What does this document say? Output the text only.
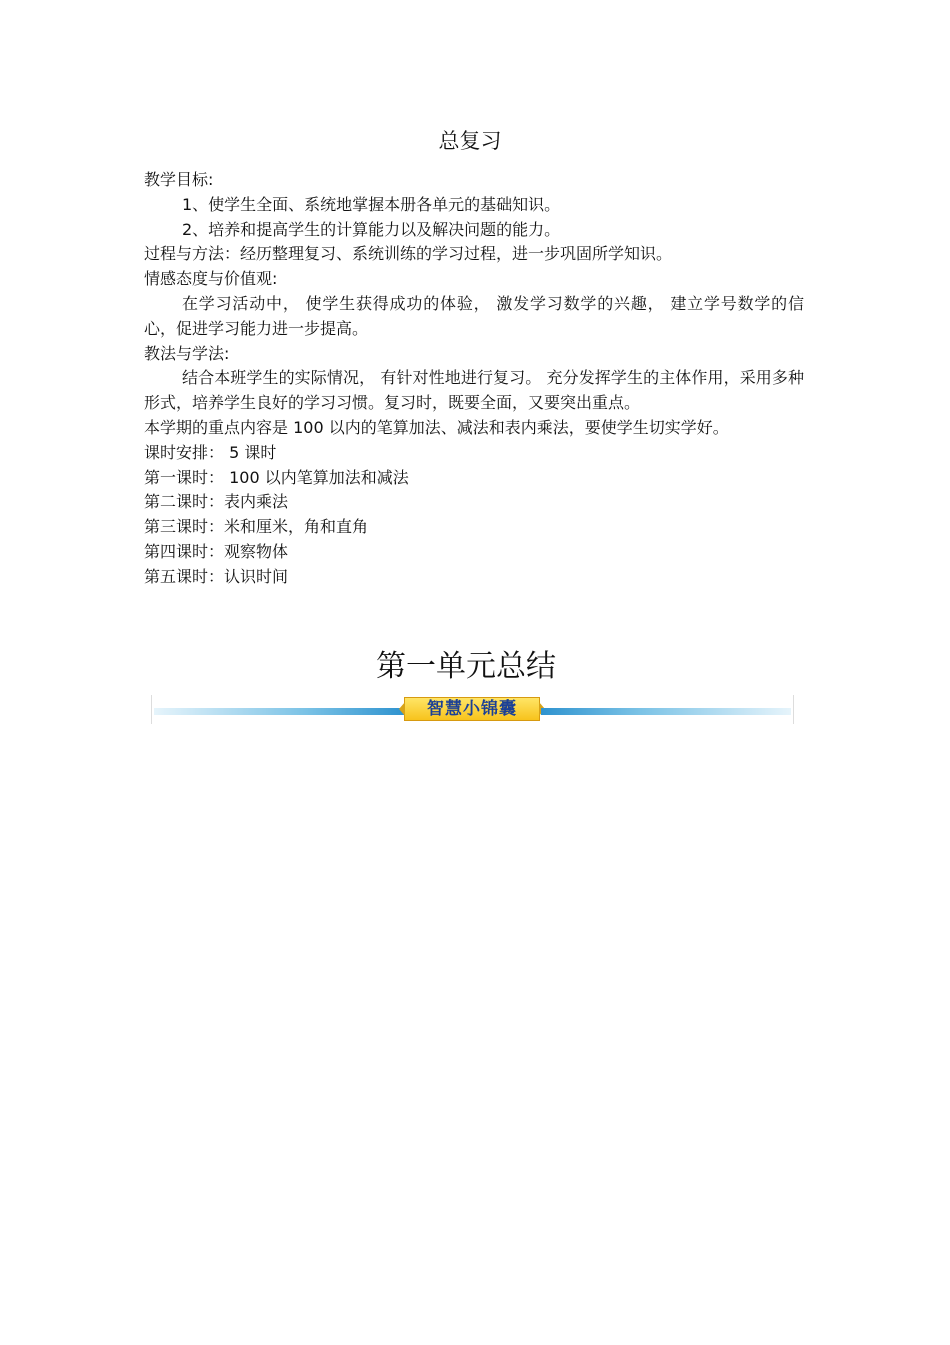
总复习

教学目标:

1、使学生全面、系统地掌握本册各单元的基础知识。

2、培养和提高学生的计算能力以及解决问题的能力。

过程与方法：经历整理复习、系统训练的学习过程，进一步巩固所学知识。

情感态度与价值观:

在学习活动中， 使学生获得成功的体验， 激发学习数学的兴趣， 建立学号数学的信心，促进学习能力进一步提高。

教法与学法:

结合本班学生的实际情况， 有针对性地进行复习。 充分发挥学生的主体作用，采用多种形式，培养学生良好的学习习惯。复习时，既要全面，又要突出重点。

本学期的重点内容是 100 以内的笔算加法、减法和表内乘法，要使学生切实学好。

课时安排： 5 课时

第一课时： 100 以内笔算加法和减法

第二课时：表内乘法

第三课时：米和厘米，角和直角

第四课时：观察物体

第五课时：认识时间

第一单元总结
智慧小锦囊
